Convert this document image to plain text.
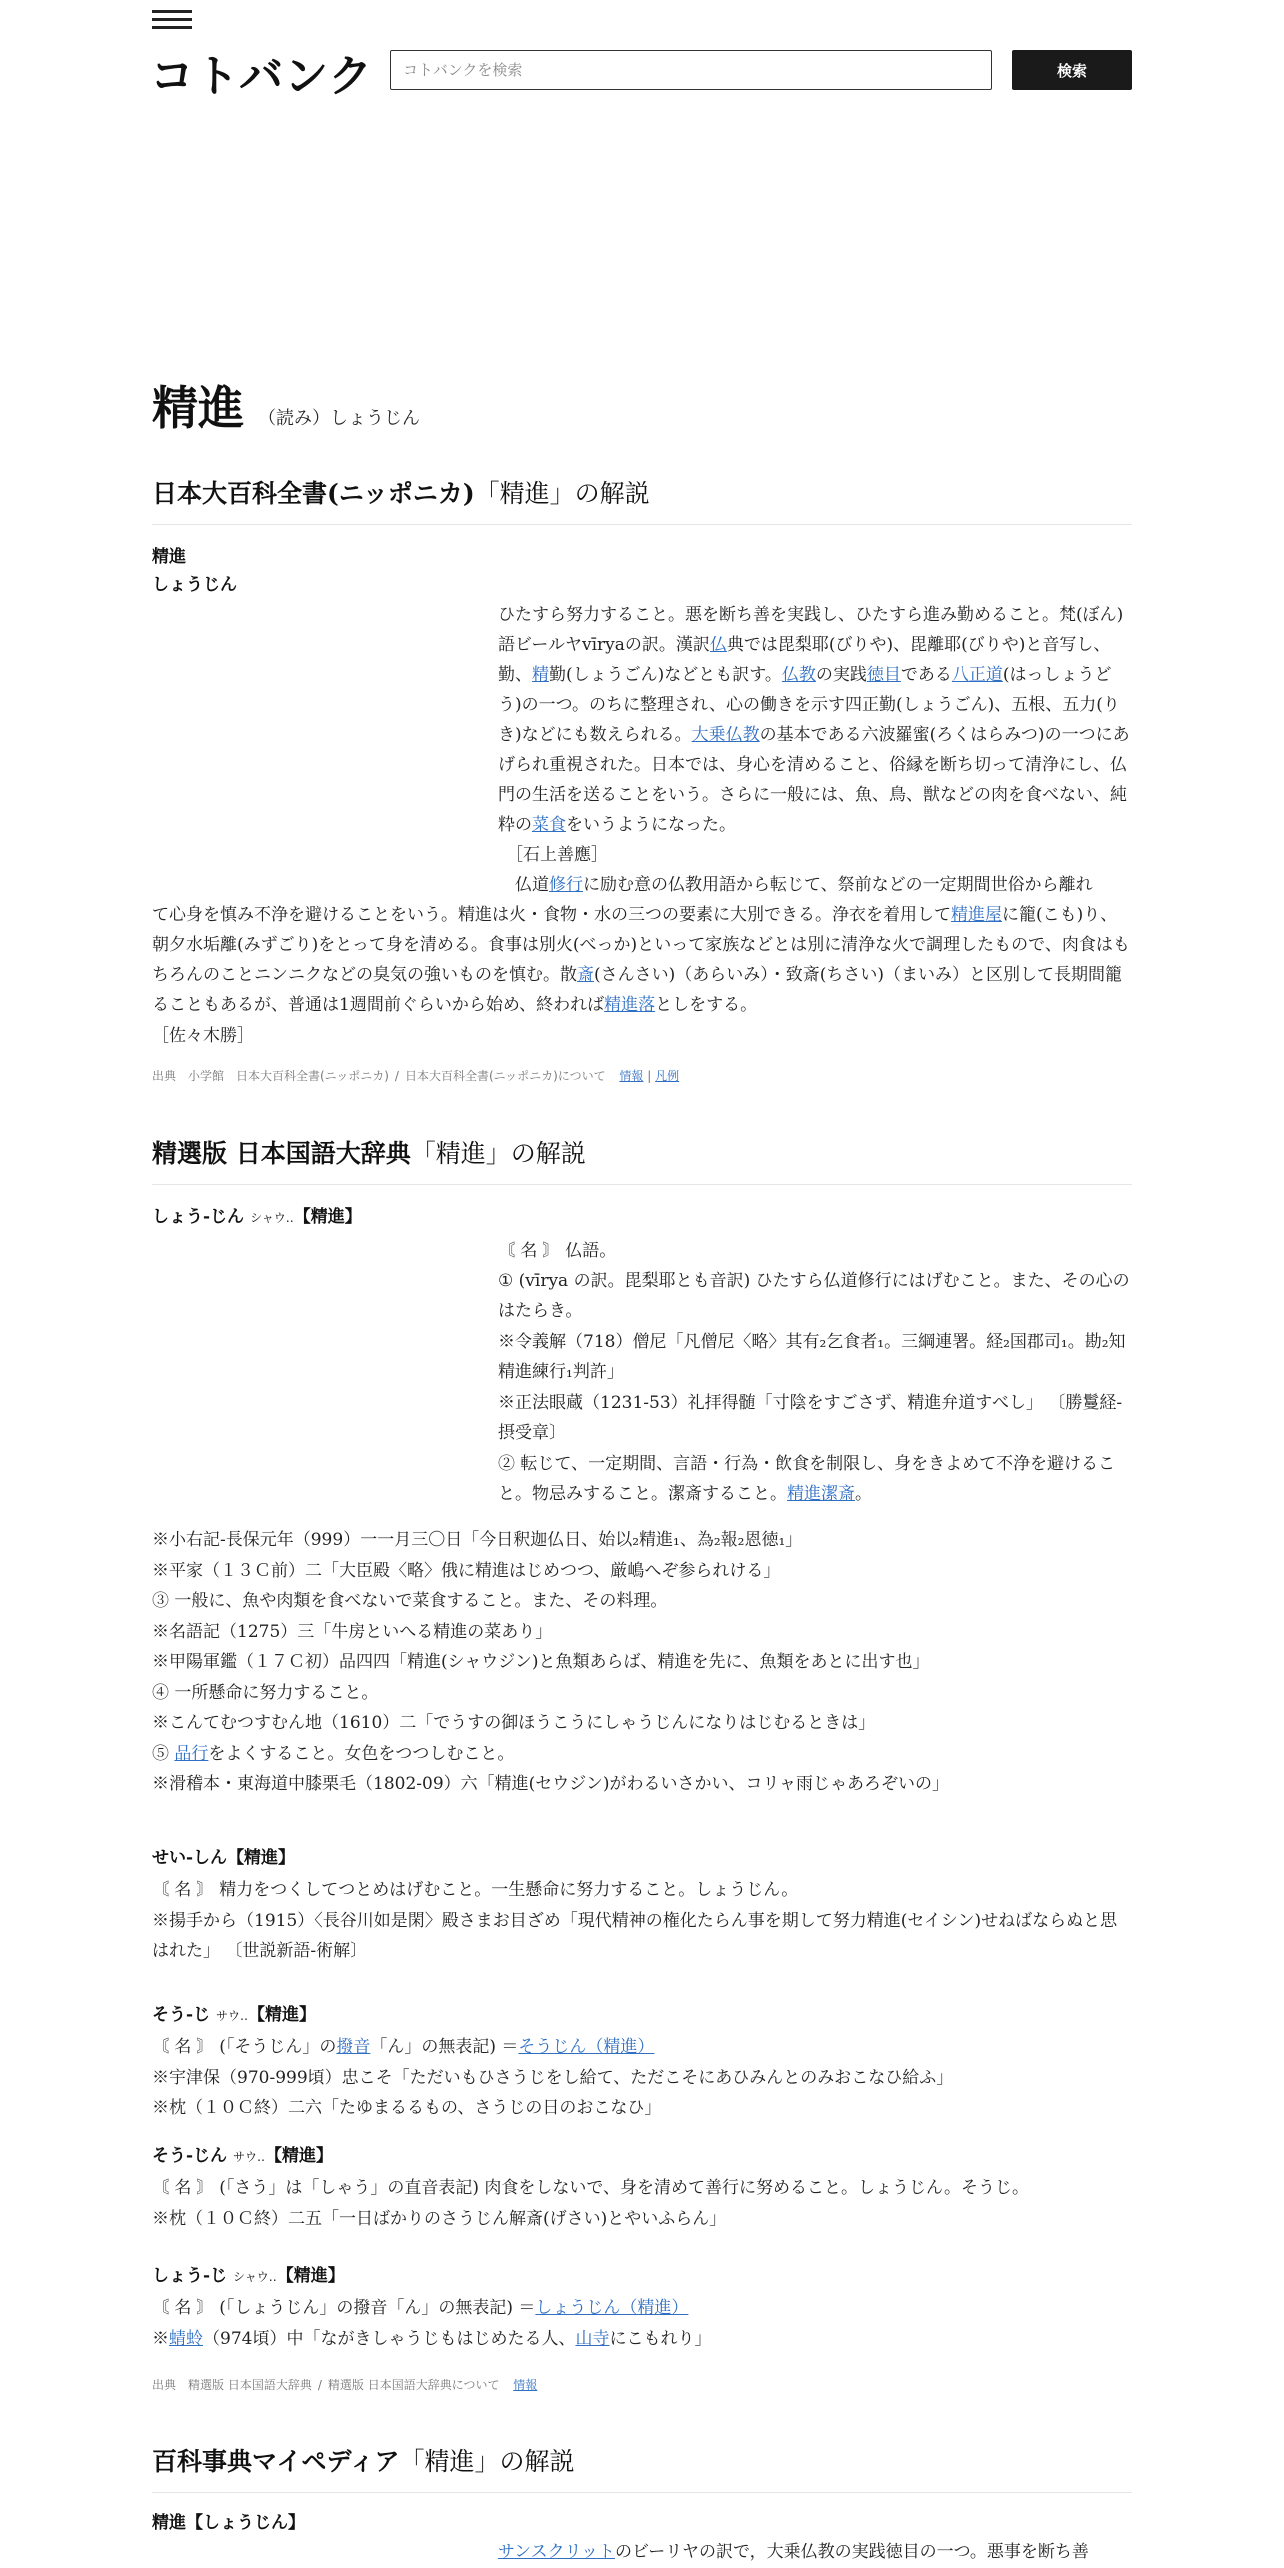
コトバンク
コトバンクを検索	検索
精進 （読み）しょうじん
日本大百科全書(ニッポニカ)「精進」の解説
精進
しょうじん

ひたすら努力すること。悪を断ち善を実践し、ひたすら進み勤めること。梵(ぼん)語ビールヤvīryaの訳。漢訳仏典では毘梨耶(びりや)、毘離耶(びりや)と音写し、勤、精勤(しょうごん)などとも訳す。仏教の実践徳目である八正道(はっしょうどう)の一つ。のちに整理され、心の働きを示す四正勤(しょうごん)、五根、五力(りき)などにも数えられる。大乗仏教の基本である六波羅蜜(ろくはらみつ)の一つにあげられ重視された。日本では、身心を清めること、俗縁を断ち切って清浄にし、仏門の生活を送ることをいう。さらに一般には、魚、鳥、獣などの肉を食べない、純粋の菜食をいうようになった。

［石上善應］

　仏道修行に励む意の仏教用語から転じて、祭前などの一定期間世俗から離れ

て心身を慎み不浄を避けることをいう。精進は火・食物・水の三つの要素に大別できる。浄衣を着用して精進屋に籠(こも)り、朝夕水垢離(みずごり)をとって身を清める。食事は別火(べっか)といって家族などとは別に清浄な火で調理したもので、肉食はもちろんのことニンニクなどの臭気の強いものを慎む。散斎(さんさい)（あらいみ）・致斎(ちさい)（まいみ）と区別して長期間籠ることもあるが、普通は1週間前ぐらいから始め、終われば精進落としをする。

［佐々木勝］

出典　小学館　日本大百科全書(ニッポニカ) / 日本大百科全書(ニッポニカ)について 情報 | 凡例
精選版 日本国語大辞典「精進」の解説
しょう‐じん シャウ‥【精進】

〘 名 〙 仏語。

① (vīrya の訳。毘梨耶とも音訳) ひたすら仏道修行にはげむこと。また、その心のはたらき。

※令義解（718）僧尼「凡僧尼〈略〉其有₂乞食者₁。三綱連署。経₂国郡司₁。勘₂知精進練行₁判許」

※正法眼蔵（1231‐53）礼拝得髄「寸陰をすごさず、精進弁道すべし」 〔勝鬘経‐摂受章〕

② 転じて、一定期間、言語・行為・飲食を制限し、身をきよめて不浄を避けること。物忌みすること。潔斎すること。精進潔斎。

※小右記‐長保元年（999）一一月三〇日「今日釈迦仏日、始以₂精進₁、為₂報₂恩徳₁」

※平家（１３Ｃ前）二「大臣殿〈略〉俄に精進はじめつつ、厳嶋へぞ参られける」

③ 一般に、魚や肉類を食べないで菜食すること。また、その料理。

※名語記（1275）三「牛房といへる精進の菜あり」

※甲陽軍鑑（１７Ｃ初）品四四「精進(シャウジン)と魚類あらば、精進を先に、魚類をあとに出す也」

④ 一所懸命に努力すること。

※こんてむつすむん地（1610）二「でうすの御ほうこうにしゃうじんになりはじむるときは」

⑤ 品行をよくすること。女色をつつしむこと。

※滑稽本・東海道中膝栗毛（1802‐09）六「精進(セウジン)がわるいさかい、コリャ雨じゃあろぞいの」

せい‐しん【精進】

〘 名 〙 精力をつくしてつとめはげむこと。一生懸命に努力すること。しょうじん。

※揚手から（1915）〈長谷川如是閑〉殿さまお目ざめ「現代精神の権化たらん事を期して努力精進(セイシン)せねばならぬと思はれた」 〔世説新語‐術解〕

そう‐じ サウ‥【精進】

〘 名 〙 (「そうじん」の撥音「ん」の無表記) ＝そうじん（精進）

※宇津保（970‐999頃）忠こそ「ただいもひさうじをし給て、ただこそにあひみんとのみおこなひ給ふ」

※枕（１０Ｃ終）二六「たゆまるるもの、さうじの日のおこなひ」

そう‐じん サウ‥【精進】

〘 名 〙 (「さう」は「しゃう」の直音表記) 肉食をしないで、身を清めて善行に努めること。しょうじん。そうじ。

※枕（１０Ｃ終）二五「一日ばかりのさうじん解斎(げさい)とやいふらん」

しょう‐じ シャウ‥【精進】

〘 名 〙 (「しょうじん」の撥音「ん」の無表記) ＝しょうじん（精進）

※蜻蛉（974頃）中「ながきしゃうじもはじめたる人、山寺にこもれり」

出典　精選版 日本国語大辞典 / 精選版 日本国語大辞典について 情報
百科事典マイペディア「精進」の解説
精進【しょうじん】

サンスクリットのビーリヤの訳で，大乗仏教の実践徳目の一つ。悪事を断ち善
